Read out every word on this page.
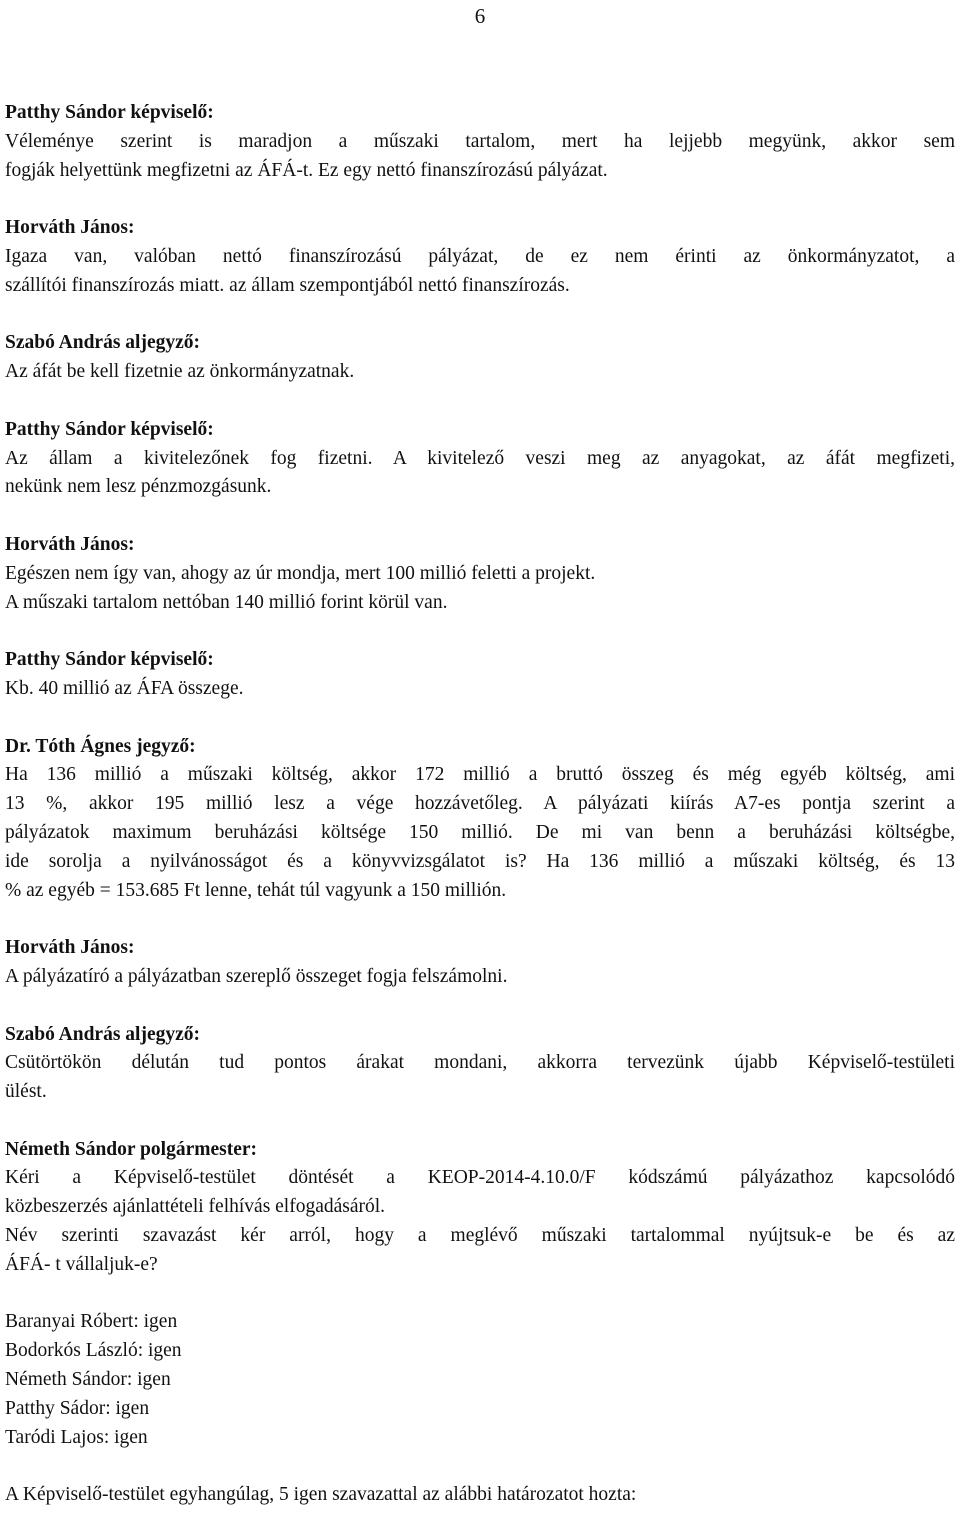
6
Patthy Sándor képviselő:
Véleménye szerint is maradjon a műszaki tartalom, mert ha lejjebb megyünk, akkor sem
fogják helyettünk megfizetni az ÁFÁ-t. Ez egy nettó finanszírozású pályázat.
Horváth János:
Igaza van, valóban nettó finanszírozású pályázat, de ez nem érinti az önkormányzatot, a
szállítói finanszírozás miatt. az állam szempontjából nettó finanszírozás.
Szabó András aljegyző:
Az áfát be kell fizetnie az önkormányzatnak.
Patthy Sándor képviselő:
Az állam a kivitelezőnek fog fizetni. A kivitelező veszi meg az anyagokat, az áfát megfizeti,
nekünk nem lesz pénzmozgásunk.
Horváth János:
Egészen nem így van, ahogy az úr mondja, mert 100 millió feletti a projekt.
A műszaki tartalom nettóban 140 millió forint körül van.
Patthy Sándor képviselő:
Kb. 40 millió az ÁFA összege.
Dr. Tóth Ágnes jegyző:
Ha 136 millió a műszaki költség, akkor 172 millió a bruttó összeg és még egyéb költség, ami
13 %, akkor 195 millió lesz a vége hozzávetőleg. A pályázati kiírás A7-es pontja szerint a
pályázatok maximum beruházási költsége 150 millió. De mi van benn a beruházási költségbe,
ide sorolja a nyilvánosságot és a könyvvizsgálatot is? Ha 136 millió a műszaki költség, és 13
% az egyéb = 153.685 Ft lenne, tehát túl vagyunk a 150 millión.
Horváth János:
A pályázatíró a pályázatban szereplő összeget fogja felszámolni.
Szabó András aljegyző:
Csütörtökön délután tud pontos árakat mondani, akkorra tervezünk újabb Képviselő-testületi
ülést.
Németh Sándor polgármester:
Kéri a Képviselő-testület döntését a KEOP-2014-4.10.0/F kódszámú pályázathoz kapcsolódó
közbeszerzés ajánlattételi felhívás elfogadásáról.
Név szerinti szavazást kér arról, hogy a meglévő műszaki tartalommal nyújtsuk-e be és az
ÁFÁ- t vállaljuk-e?
Baranyai Róbert: igen
Bodorkós László: igen
Németh Sándor: igen
Patthy Sádor: igen
Taródi Lajos: igen
A Képviselő-testület egyhangúlag, 5 igen szavazattal az alábbi határozatot hozta:
